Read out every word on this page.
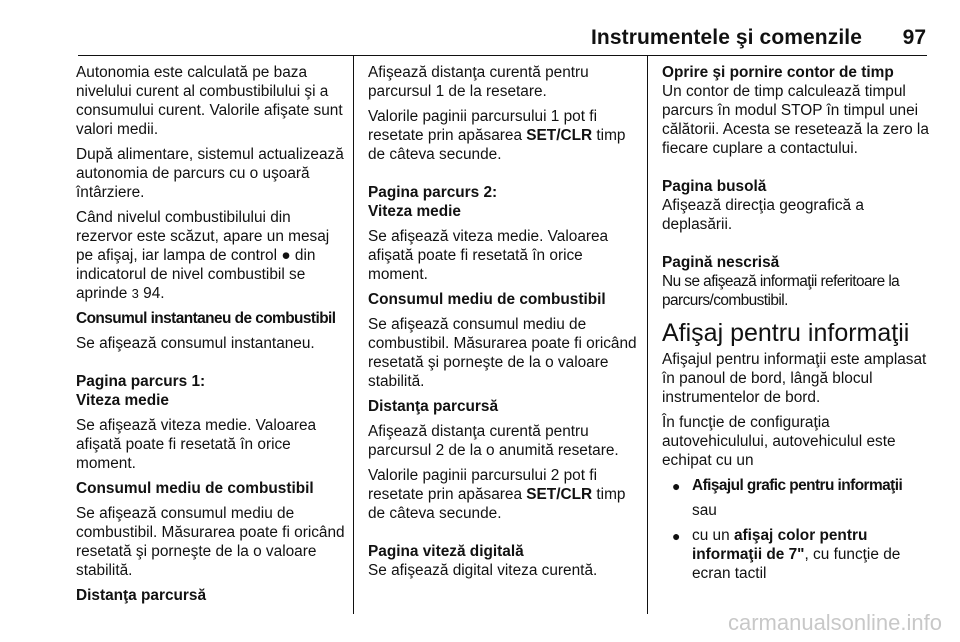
Instrumentele şi comenzile 97

Autonomia este calculată pe baza nivelului curent al combustibilului şi a consumului curent. Valorile afişate sunt valori medii.

După alimentare, sistemul actualizează autonomia de parcurs cu o uşoară întârziere.

Când nivelul combustibilului din rezervor este scăzut, apare un mesaj pe afişaj, iar lampa de control ● din indicatorul de nivel combustibil se aprinde 3 94.

Consumul instantaneu de combustibil

Se afişează consumul instantaneu.

Pagina parcurs 1:

Viteza medie

Se afişează viteza medie. Valoarea afişată poate fi resetată în orice moment.

Consumul mediu de combustibil

Se afişează consumul mediu de combustibil. Măsurarea poate fi oricând resetată şi porneşte de la o valoare stabilită.

Distanţa parcursă

Afişează distanţa curentă pentru parcursul 1 de la resetare.

Valorile paginii parcursului 1 pot fi resetate prin apăsarea SET/CLR timp de câteva secunde.

Pagina parcurs 2:

Viteza medie

Se afişează viteza medie. Valoarea afişată poate fi resetată în orice moment.

Consumul mediu de combustibil

Se afişează consumul mediu de combustibil. Măsurarea poate fi oricând resetată şi porneşte de la o valoare stabilită.

Distanţa parcursă

Afişează distanţa curentă pentru parcursul 2 de la o anumită resetare.

Valorile paginii parcursului 2 pot fi resetate prin apăsarea SET/CLR timp de câteva secunde.

Pagina viteză digitală

Se afişează digital viteza curentă.

Oprire şi pornire contor de timp

Un contor de timp calculează timpul parcurs în modul STOP în timpul unei călătorii. Acesta se resetează la zero la fiecare cuplare a contactului.

Pagina busolă

Afişează direcţia geografică a deplasării.

Pagină nescrisă

Nu se afişează informaţii referitoare la parcurs/combustibil.

Afişaj pentru informaţii

Afişajul pentru informaţii este amplasat în panoul de bord, lângă blocul instrumentelor de bord.

În funcţie de configuraţia autovehiculului, autovehiculul este echipat cu un

● Afişajul grafic pentru informaţii
sau
● cu un afişaj color pentru informaţii de 7", cu funcţie de ecran tactil
carmanualsonline.info
